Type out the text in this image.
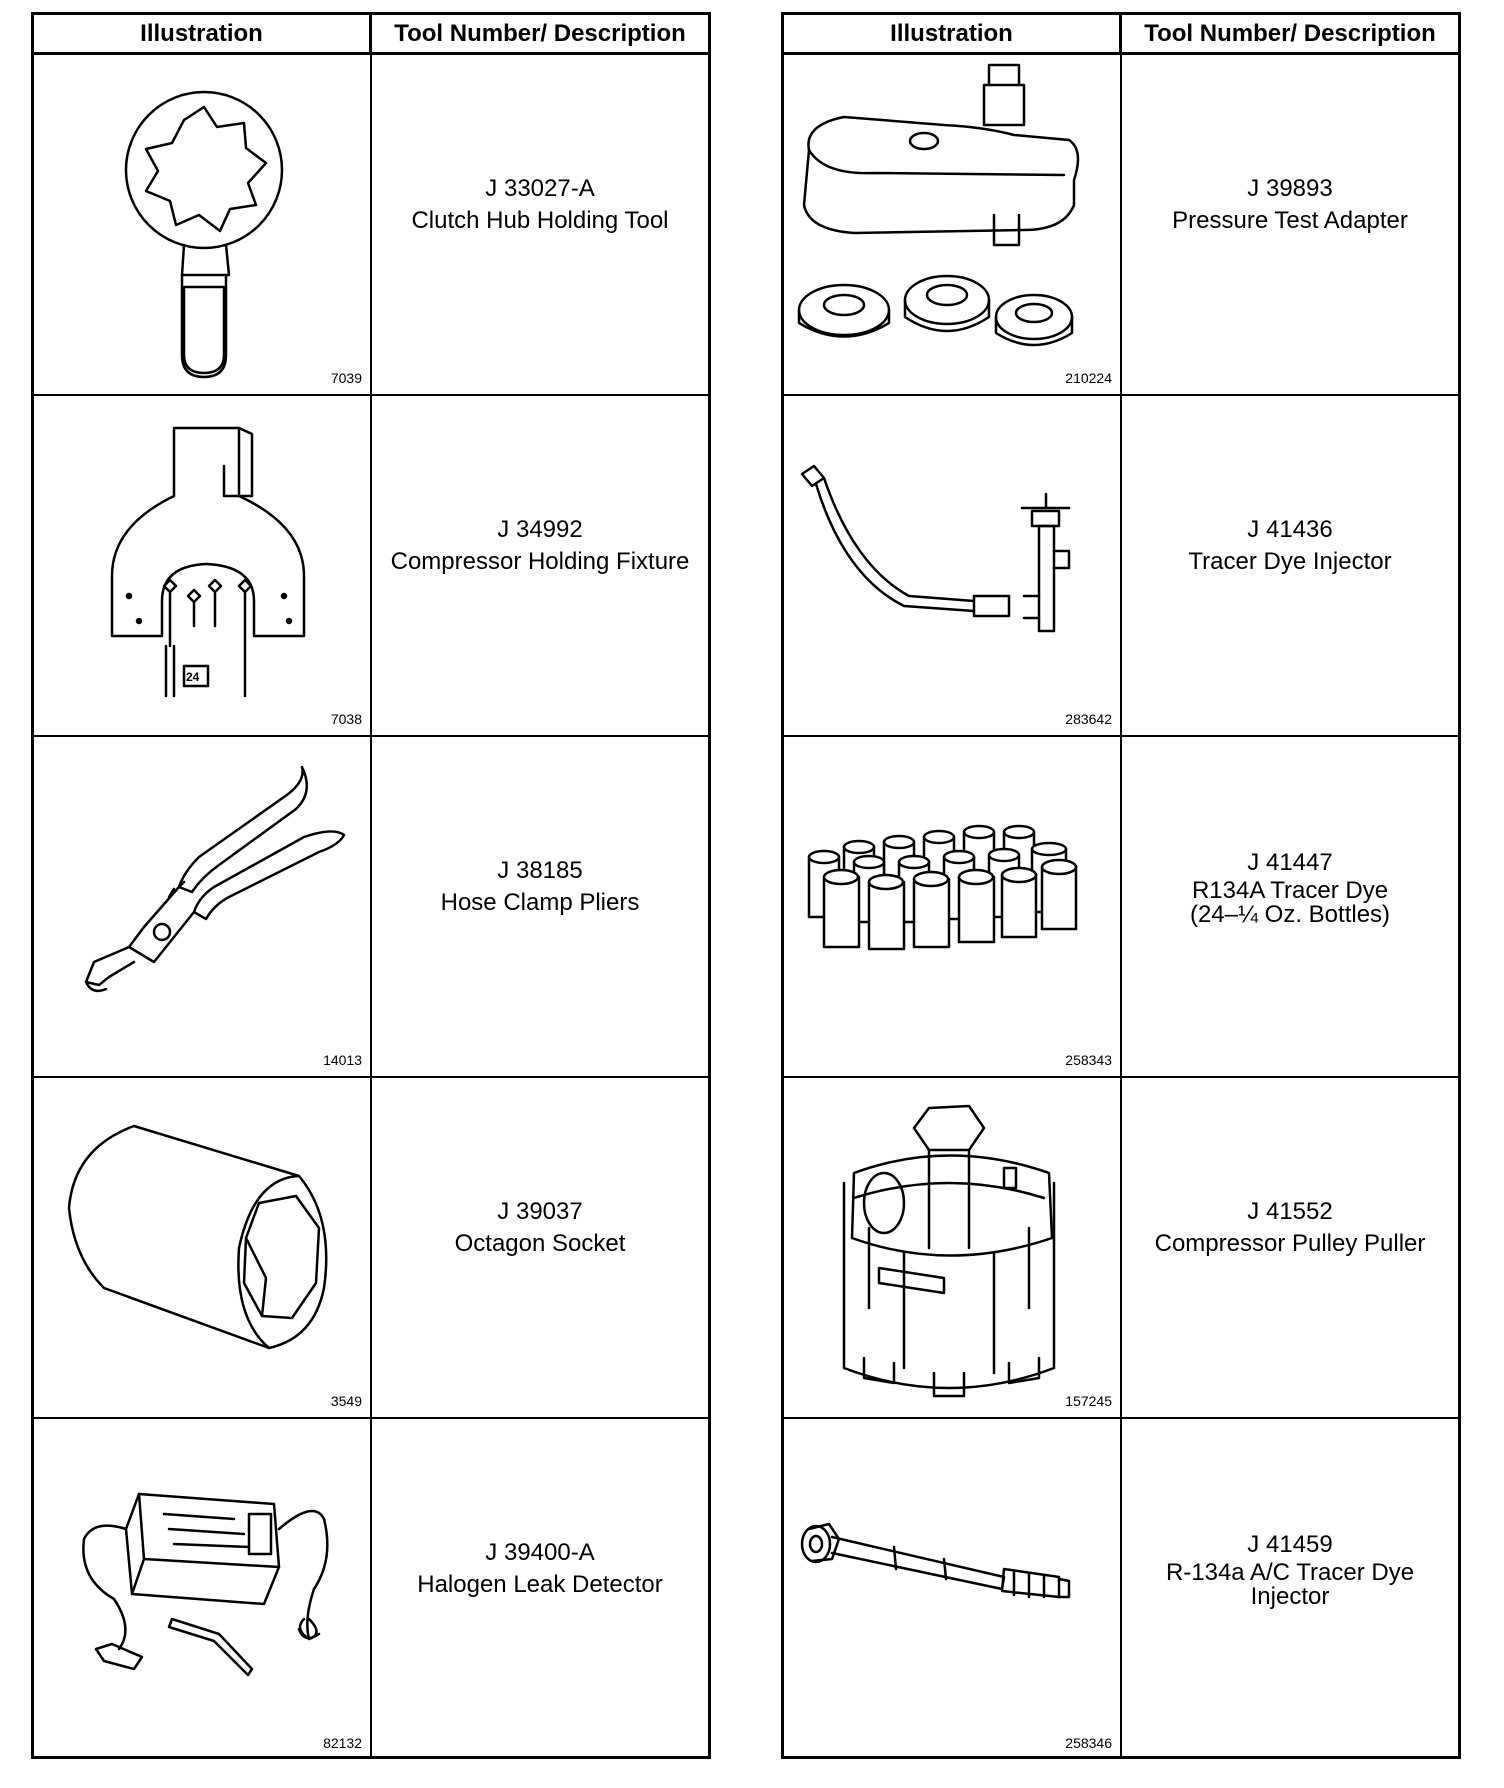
Illustration	Tool Number/ Description
7039
J 33027-A
Clutch Hub Holding Tool
24
7038
J 34992
Compressor Holding Fixture
14013
J 38185
Hose Clamp Pliers
3549
J 39037
Octagon Socket
82132
J 39400-A
Halogen Leak Detector
Illustration	Tool Number/ Description
210224
J 39893
Pressure Test Adapter
283642
J 41436
Tracer Dye Injector
258343
J 41447
R134A Tracer Dye
(24–¼ Oz. Bottles)
157245
J 41552
Compressor Pulley Puller
258346
J 41459
R-134a A/C Tracer Dye
Injector
